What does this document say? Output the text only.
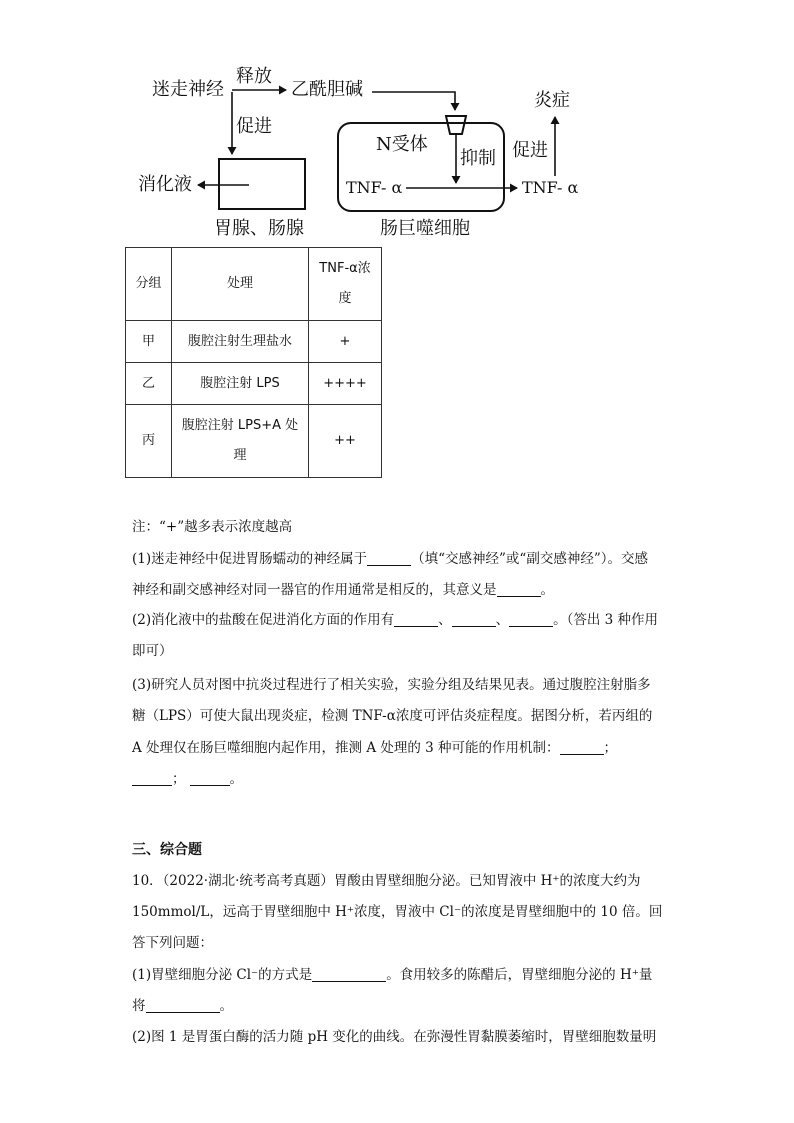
迷走神经
释放
乙酰胆碱
促进
消化液
胃腺、肠腺
N受体
抑制
TNF- α	TNF- α
促进
炎症
肠巨噬细胞
分组	处理	TNF-α浓
度
甲	腹腔注射生理盐水	+
乙	腹腔注射 LPS	++++
丙	腹腔注射 LPS+A 处
理	++
注：“+”越多表示浓度越高
(1)迷走神经中促进胃肠蠕动的神经属于	（填“交感神经”或“副交感神经”）。交感
神经和副交感神经对同一器官的作用通常是相反的，其意义是	。
(2)消化液中的盐酸在促进消化方面的作用有	、	、	。（答出 3 种作用
即可）
(3)研究人员对图中抗炎过程进行了相关实验，实验分组及结果见表。通过腹腔注射脂多
糖（LPS）可使大鼠出现炎症，检测 TNF-α浓度可评估炎症程度。据图分析，若丙组的
A 处理仅在肠巨噬细胞内起作用，推测 A 处理的 3 种可能的作用机制：	；
；	。
三、综合题
10．（2022·湖北·统考高考真题）胃酸由胃壁细胞分泌。已知胃液中 H⁺的浓度大约为
150mmol/L，远高于胃壁细胞中 H⁺浓度，胃液中 Cl⁻的浓度是胃壁细胞中的 10 倍。回
答下列问题：
(1)胃壁细胞分泌 Cl⁻的方式是	。食用较多的陈醋后，胃壁细胞分泌的 H⁺量
将	。
(2)图 1 是胃蛋白酶的活力随 pH 变化的曲线。在弥漫性胃黏膜萎缩时，胃壁细胞数量明
